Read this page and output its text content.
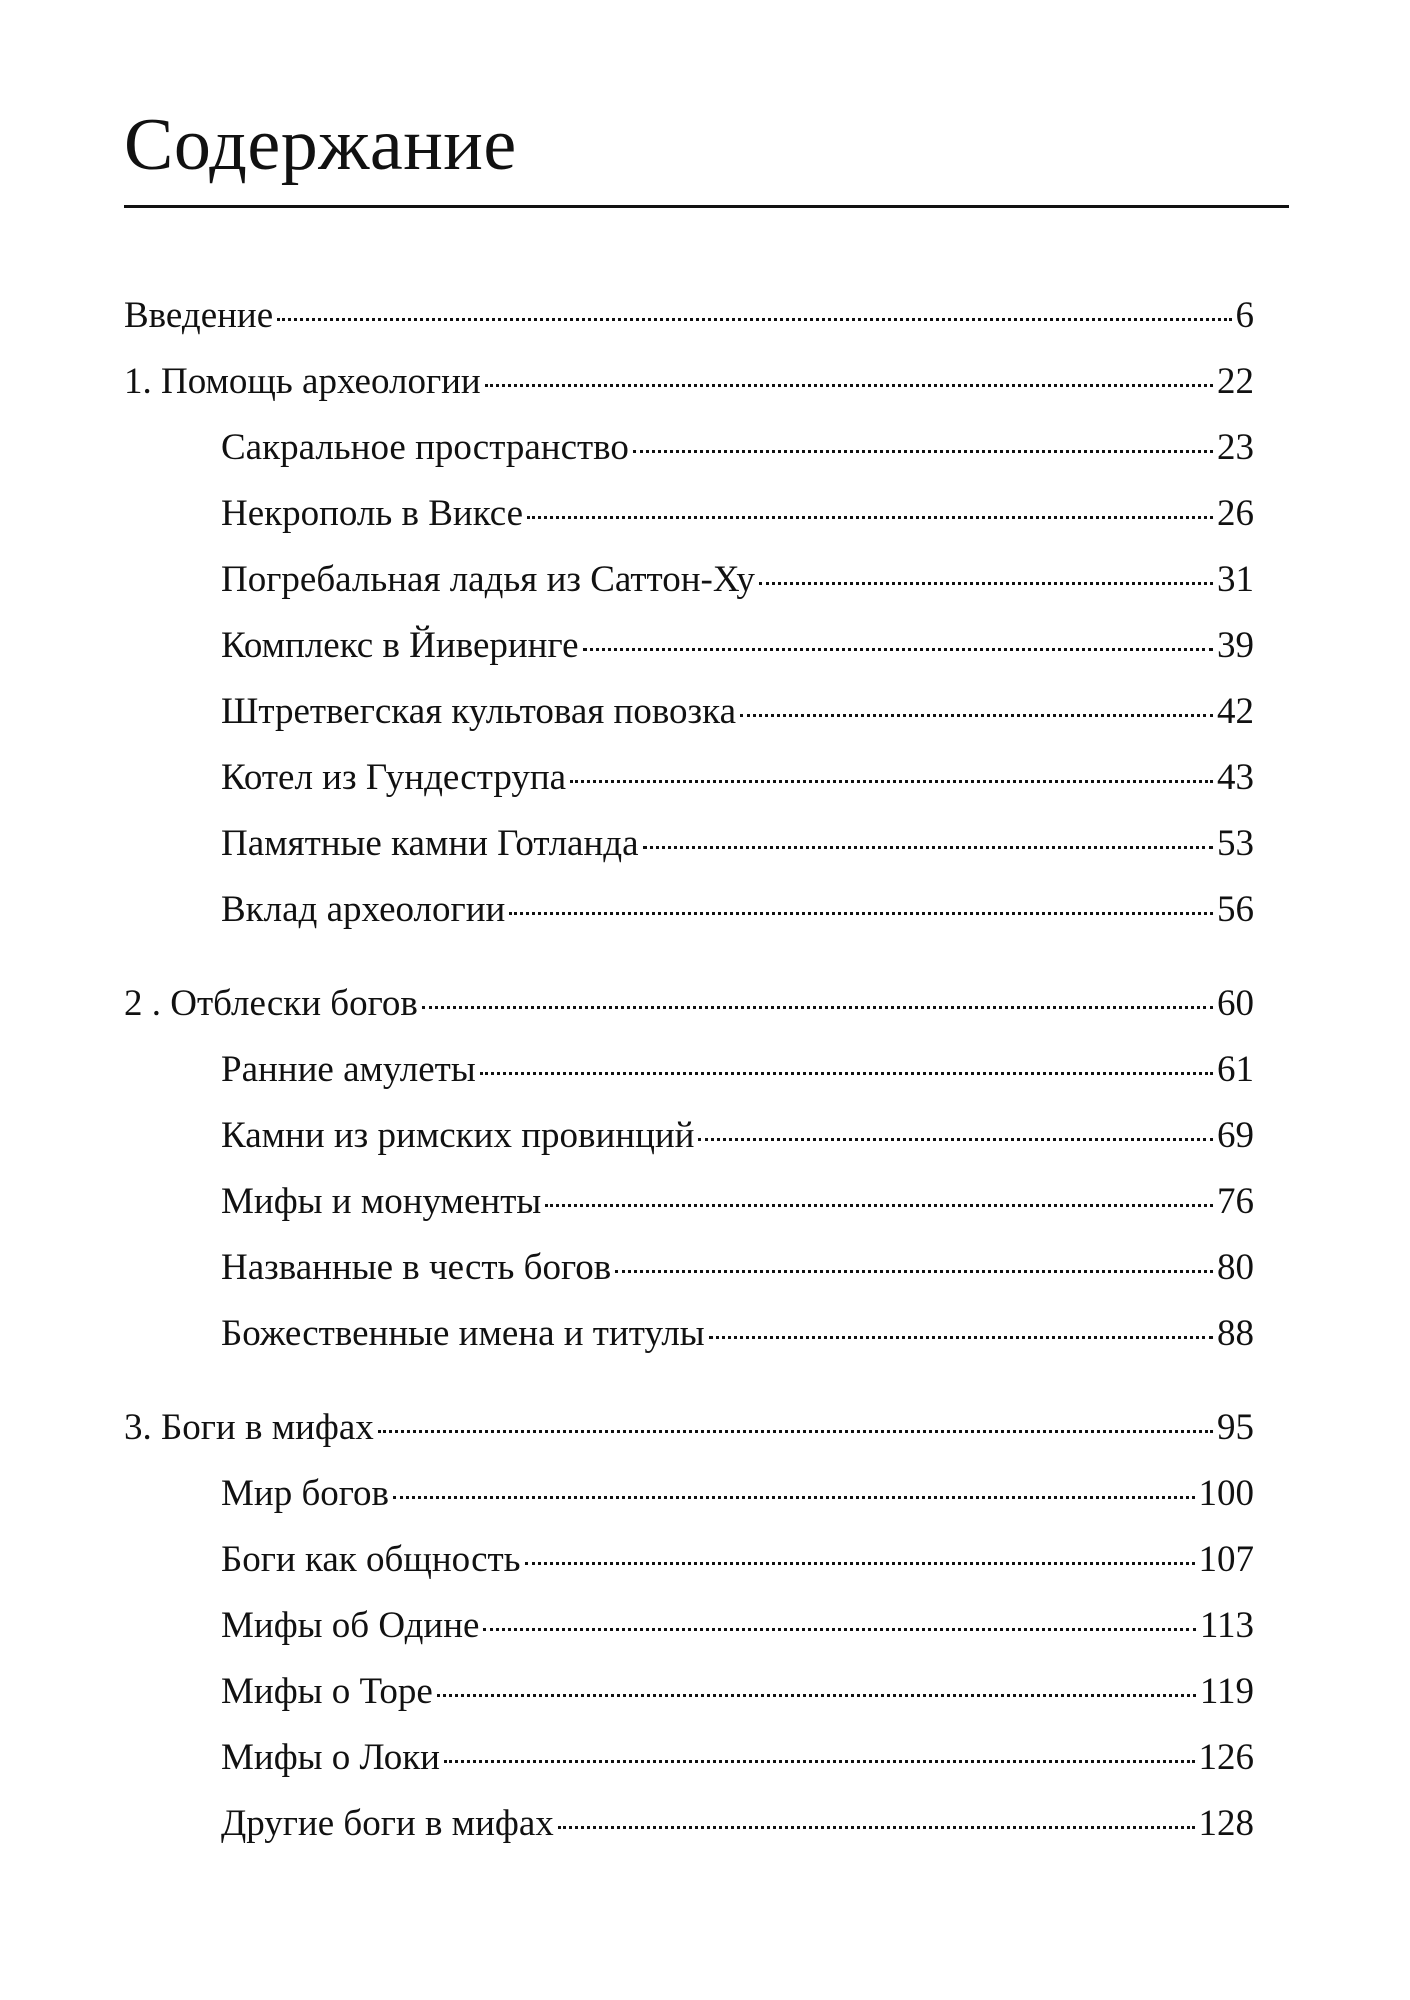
Содержание
Введение	6
1. Помощь археологии	22
Сакральное пространство	23
Некрополь в Виксе	26
Погребальная ладья из Саттон-Ху	31
Комплекс в Йиверинге	39
Штретвегская культовая повозка	42
Котел из Гундеструпа	43
Памятные камни Готланда	53
Вклад археологии	56
2 . Отблески богов	60
Ранние амулеты	61
Камни из римских провинций	69
Мифы и монументы	76
Названные в честь богов	80
Божественные имена и титулы	88
3. Боги в мифах	95
Мир богов	100
Боги как общность	107
Мифы об Одине	113
Мифы о Торе	119
Мифы о Локи	126
Другие боги в мифах	128
